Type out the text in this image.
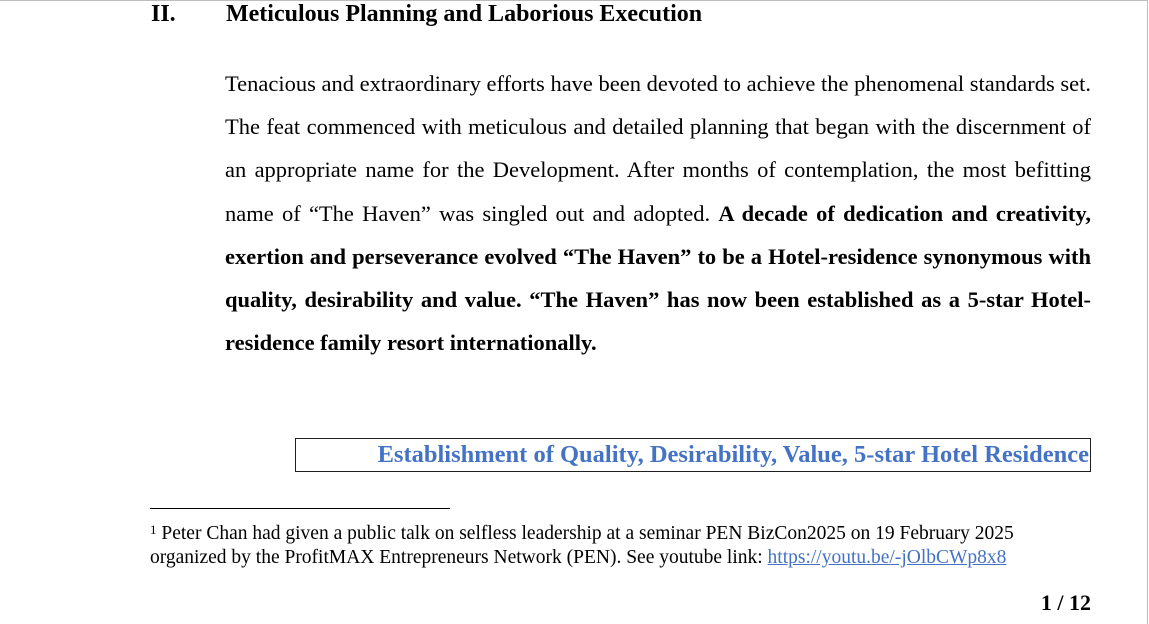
II. Meticulous Planning and Laborious Execution
Tenacious and extraordinary efforts have been devoted to achieve the phenomenal standards set. The feat commenced with meticulous and detailed planning that began with the discernment of an appropriate name for the Development. After months of contemplation, the most befitting name of “The Haven” was singled out and adopted. A decade of dedication and creativity, exertion and perseverance evolved “The Haven” to be a Hotel-residence synonymous with quality, desirability and value. “The Haven” has now been established as a 5-star Hotel-residence family resort internationally.
Establishment of Quality, Desirability, Value, 5-star Hotel Residence
$^1$ Peter Chan had given a public talk on selfless leadership at a seminar PEN BizCon2025 on 19 February 2025
organized by the ProfitMAX Entrepreneurs Network (PEN). See youtube link: https://youtu.be/-jOlbCWp8x8
1 / 12
